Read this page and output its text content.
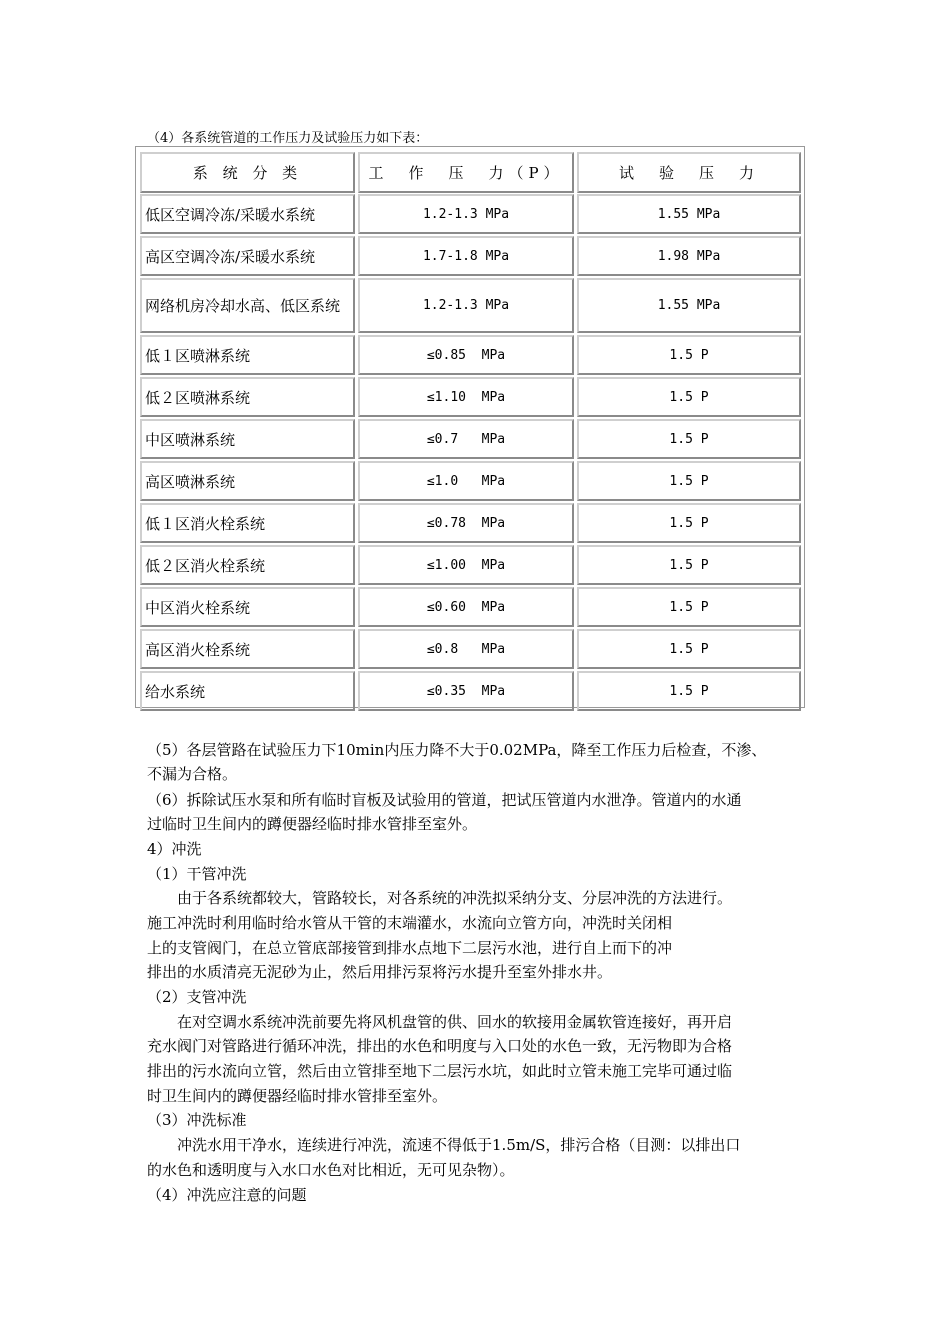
（4）各系统管道的工作压力及试验压力如下表：
系 统 分 类	工　作　压　力（P）	试　验　压　力
低区空调冷冻/采暖水系统	1.2-1.3 MPa	1.55 MPa
高区空调冷冻/采暖水系统	1.7-1.8 MPa	1.98 MPa
网络机房冷却水高、低区系统	1.2-1.3 MPa	1.55 MPa
低１区喷淋系统	≤0.85  MPa	1.5 P
低２区喷淋系统	≤1.10  MPa	1.5 P
中区喷淋系统	≤0.7   MPa	1.5 P
高区喷淋系统	≤1.0   MPa	1.5 P
低１区消火栓系统	≤0.78  MPa	1.5 P
低２区消火栓系统	≤1.00  MPa	1.5 P
中区消火栓系统	≤0.60  MPa	1.5 P
高区消火栓系统	≤0.8   MPa	1.5 P
给水系统	≤0.35  MPa	1.5 P

（5）各层管路在试验压力下10min内压力降不大于0.02MPa，降至工作压力后检查，不渗、

不漏为合格。

（6）拆除试压水泵和所有临时盲板及试验用的管道，把试压管道内水泄净。管道内的水通

过临时卫生间内的蹲便器经临时排水管排至室外。

4）冲洗

（1）干管冲洗

　　由于各系统都较大，管路较长，对各系统的冲洗拟采纳分支、分层冲洗的方法进行。

施工冲洗时利用临时给水管从干管的末端灌水，水流向立管方向，冲洗时关闭相

上的支管阀门，在总立管底部接管到排水点地下二层污水池，进行自上而下的冲

排出的水质清亮无泥砂为止，然后用排污泵将污水提升至室外排水井。

（2）支管冲洗

　　在对空调水系统冲洗前要先将风机盘管的供、回水的软接用金属软管连接好，再开启

充水阀门对管路进行循环冲洗，排出的水色和明度与入口处的水色一致，无污物即为合格

排出的污水流向立管，然后由立管排至地下二层污水坑，如此时立管未施工完毕可通过临

时卫生间内的蹲便器经临时排水管排至室外。

（3）冲洗标准

　　冲洗水用干净水，连续进行冲洗，流速不得低于1.5m/S，排污合格（目测：以排出口

的水色和透明度与入水口水色对比相近，无可见杂物）。

（4）冲洗应注意的问题
